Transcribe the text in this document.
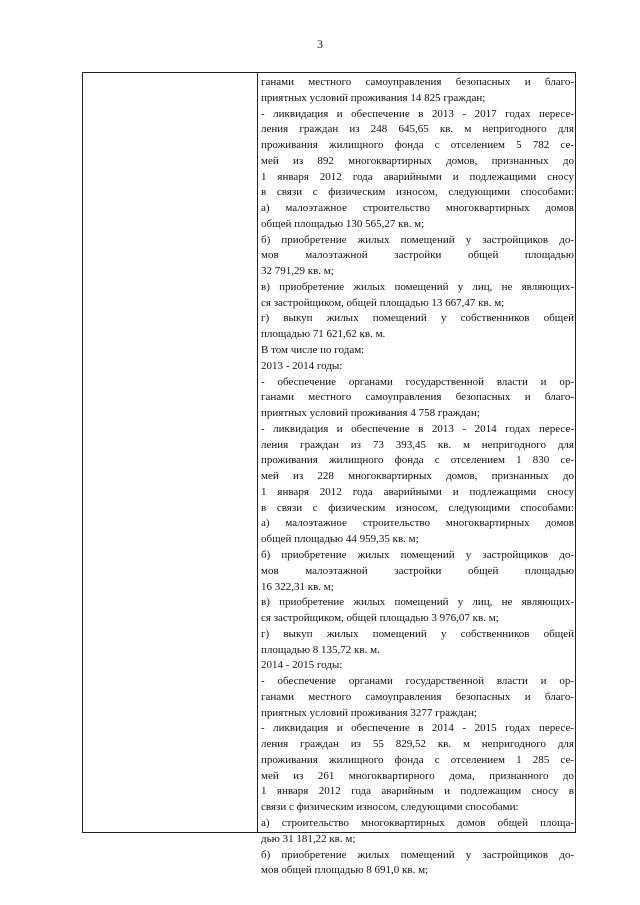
3
ганами местного самоуправления безопасных и благо-
приятных условий проживания 14 825 граждан;
- ликвидация и обеспечение в 2013 - 2017 годах пересе-
ления граждан из 248 645,65 кв. м непригодного для
проживания жилищного фонда с отселением 5 782 се-
мей из 892 многоквартирных домов, признанных до
1 января 2012 года аварийными и подлежащими сносу
в связи с физическим износом, следующими способами:
а) малоэтажное строительство многоквартирных домов
общей площадью 130 565,27 кв. м;
б) приобретение жилых помещений у застройщиков до-
мов малоэтажной застройки общей площадью
32 791,29 кв. м;
в) приобретение жилых помещений у лиц, не являющих-
ся застройщиком, общей площадью 13 667,47 кв. м;
г) выкуп жилых помещений у собственников общей
площадью 71 621,62 кв. м.
В том числе по годам:
2013 - 2014 годы:
- обеспечение органами государственной власти и ор-
ганами местного самоуправления безопасных и благо-
приятных условий проживания 4 758 граждан;
- ликвидация и обеспечение в 2013 - 2014 годах пересе-
ления граждан из 73 393,45 кв. м непригодного для
проживания жилищного фонда с отселением 1 830 се-
мей из 228 многоквартирных домов, признанных до
1 января 2012 года аварийными и подлежащими сносу
в связи с физическим износом, следующими способами:
а) малоэтажное строительство многоквартирных домов
общей площадью 44 959,35 кв. м;
б) приобретение жилых помещений у застройщиков до-
мов малоэтажной застройки общей площадью
16 322,31 кв. м;
в) приобретение жилых помещений у лиц, не являющих-
ся застройщиком, общей площадью 3 976,07 кв. м;
г) выкуп жилых помещений у собственников общей
площадью 8 135,72 кв. м.
2014 - 2015 годы:
- обеспечение органами государственной власти и ор-
ганами местного самоуправления безопасных и благо-
приятных условий проживания 3277 граждан;
- ликвидация и обеспечение в 2014 - 2015 годах пересе-
ления граждан из 55 829,52 кв. м непригодного для
проживания жилищного фонда с отселением 1 285 се-
мей из 261 многоквартирного дома, признанного до
1 января 2012 года аварийным и подлежащим сносу в
связи с физическим износом, следующими способами:
а) строительство многоквартирных домов общей площа-
дью 31 181,22 кв. м;
б) приобретение жилых помещений у застройщиков до-
мов общей площадью 8 691,0 кв. м;
